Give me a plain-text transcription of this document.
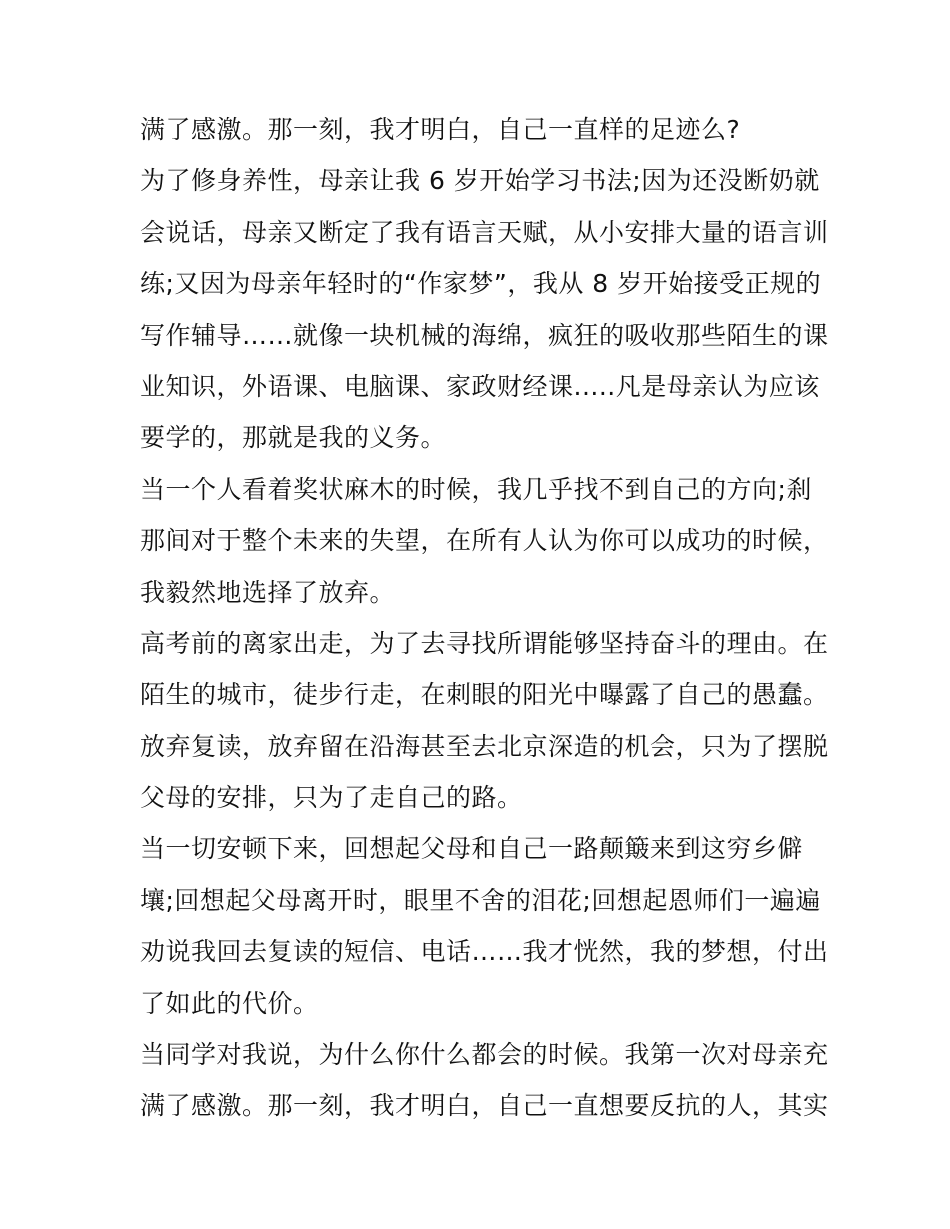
满了感激。那一刻，我才明白，自己一直样的足迹么?
为了修身养性，母亲让我 6 岁开始学习书法;因为还没断奶就
会说话，母亲又断定了我有语言天赋，从小安排大量的语言训
练;又因为母亲年轻时的“作家梦”，我从 8 岁开始接受正规的
写作辅导……就像一块机械的海绵，疯狂的吸收那些陌生的课
业知识，外语课、电脑课、家政财经课.....凡是母亲认为应该
要学的，那就是我的义务。
当一个人看着奖状麻木的时候，我几乎找不到自己的方向;刹
那间对于整个未来的失望，在所有人认为你可以成功的时候，
我毅然地选择了放弃。
高考前的离家出走，为了去寻找所谓能够坚持奋斗的理由。在
陌生的城市，徒步行走，在刺眼的阳光中曝露了自己的愚蠢。
放弃复读，放弃留在沿海甚至去北京深造的机会，只为了摆脱
父母的安排，只为了走自己的路。
当一切安顿下来，回想起父母和自己一路颠簸来到这穷乡僻
壤;回想起父母离开时，眼里不舍的泪花;回想起恩师们一遍遍
劝说我回去复读的短信、电话……我才恍然，我的梦想，付出
了如此的代价。
当同学对我说，为什么你什么都会的时候。我第一次对母亲充
满了感激。那一刻，我才明白，自己一直想要反抗的人，其实
